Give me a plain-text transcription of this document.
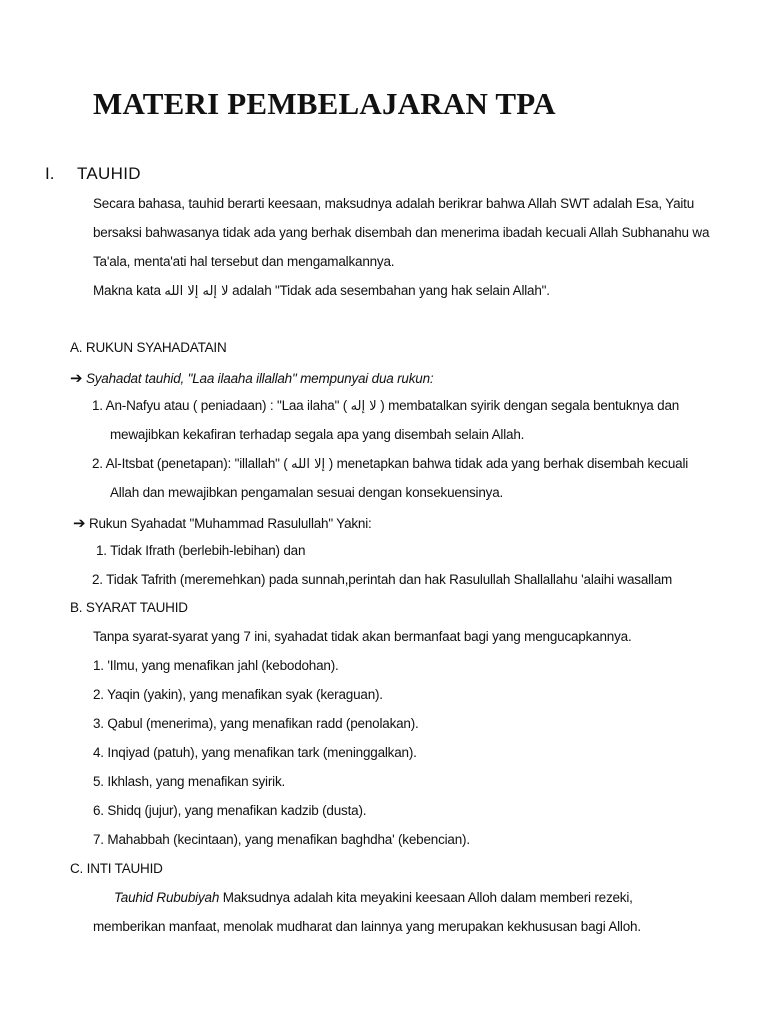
MATERI PEMBELAJARAN TPA
I. TAUHID
Secara bahasa, tauhid berarti keesaan, maksudnya adalah berikrar bahwa Allah SWT adalah Esa, Yaitu
bersaksi bahwasanya tidak ada yang berhak disembah dan menerima ibadah kecuali Allah Subhanahu wa
Ta'ala, menta'ati hal tersebut dan mengamalkannya.
Makna kata لا إله إلا الله adalah "Tidak ada sesembahan yang hak selain Allah".
A. RUKUN SYAHADATAIN
➔ Syahadat tauhid, "Laa ilaaha illallah" mempunyai dua rukun:
1. An-Nafyu atau ( peniadaan) : "Laa ilaha" ( لا إله ) membatalkan syirik dengan segala bentuknya dan
mewajibkan kekafiran terhadap segala apa yang disembah selain Allah.
2. Al-Itsbat (penetapan): "illallah" ( إلا الله ) menetapkan bahwa tidak ada yang berhak disembah kecuali
Allah dan mewajibkan pengamalan sesuai dengan konsekuensinya.
➔ Rukun Syahadat "Muhammad Rasulullah" Yakni:
1. Tidak Ifrath (berlebih-lebihan) dan
2. Tidak Tafrith (meremehkan) pada sunnah,perintah dan hak Rasulullah Shallallahu 'alaihi wasallam
B. SYARAT TAUHID
Tanpa syarat-syarat yang 7 ini, syahadat tidak akan bermanfaat bagi yang mengucapkannya.
1. 'Ilmu, yang menafikan jahl (kebodohan).
2. Yaqin (yakin), yang menafikan syak (keraguan).
3. Qabul (menerima), yang menafikan radd (penolakan).
4. Inqiyad (patuh), yang menafikan tark (meninggalkan).
5. Ikhlash, yang menafikan syirik.
6. Shidq (jujur), yang menafikan kadzib (dusta).
7. Mahabbah (kecintaan), yang menafikan baghdha' (kebencian).
C. INTI TAUHID
Tauhid Rububiyah Maksudnya adalah kita meyakini keesaan Alloh dalam memberi rezeki,
memberikan manfaat, menolak mudharat dan lainnya yang merupakan kekhususan bagi Alloh.
